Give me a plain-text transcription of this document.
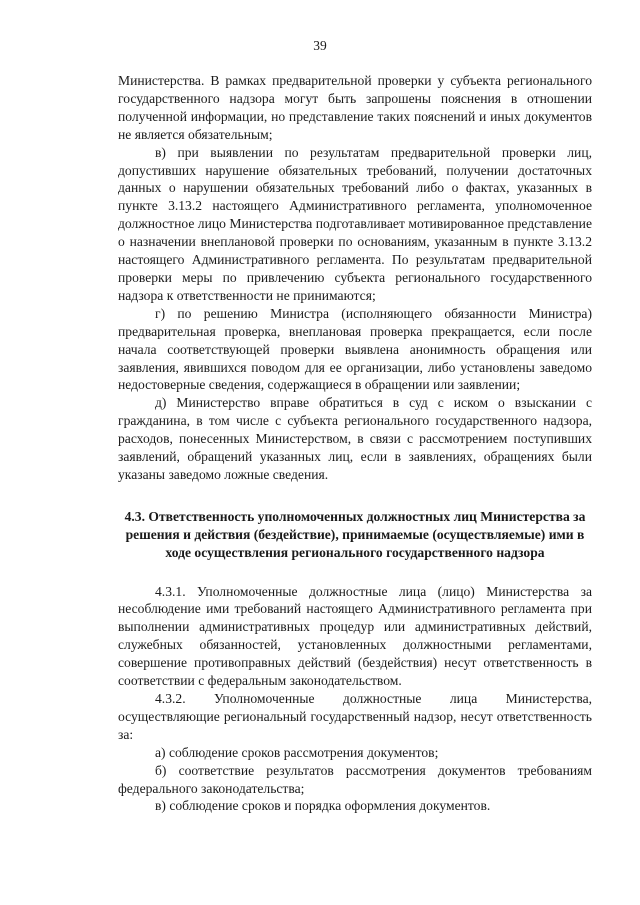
39

Министерства. В рамках предварительной проверки у субъекта регионального государственного надзора могут быть запрошены пояснения в отношении полученной информации, но представление таких пояснений и иных документов не является обязательным;

в) при выявлении по результатам предварительной проверки лиц, допустивших нарушение обязательных требований, получении достаточных данных о нарушении обязательных требований либо о фактах, указанных в пункте 3.13.2 настоящего Административного регламента, уполномоченное должностное лицо Министерства подготавливает мотивированное представление о назначении внеплановой проверки по основаниям, указанным в пункте 3.13.2 настоящего Административного регламента. По результатам предварительной проверки меры по привлечению субъекта регионального государственного надзора к ответственности не принимаются;

г) по решению Министра (исполняющего обязанности Министра) предварительная проверка, внеплановая проверка прекращается, если после начала соответствующей проверки выявлена анонимность обращения или заявления, явившихся поводом для ее организации, либо установлены заведомо недостоверные сведения, содержащиеся в обращении или заявлении;

д) Министерство вправе обратиться в суд с иском о взыскании с гражданина, в том числе с субъекта регионального государственного надзора, расходов, понесенных Министерством, в связи с рассмотрением поступивших заявлений, обращений указанных лиц, если в заявлениях, обращениях были указаны заведомо ложные сведения.

4.3. Ответственность уполномоченных должностных лиц Министерства за решения и действия (бездействие), принимаемые (осуществляемые) ими в ходе осуществления регионального государственного надзора

4.3.1. Уполномоченные должностные лица (лицо) Министерства за несоблюдение ими требований настоящего Административного регламента при выполнении административных процедур или административных действий, служебных обязанностей, установленных должностными регламентами, совершение противоправных действий (бездействия) несут ответственность в соответствии с федеральным законодательством.

4.3.2. Уполномоченные должностные лица Министерства, осуществляющие региональный государственный надзор, несут ответственность за:

а) соблюдение сроков рассмотрения документов;

б) соответствие результатов рассмотрения документов требованиям федерального законодательства;

в) соблюдение сроков и порядка оформления документов.
